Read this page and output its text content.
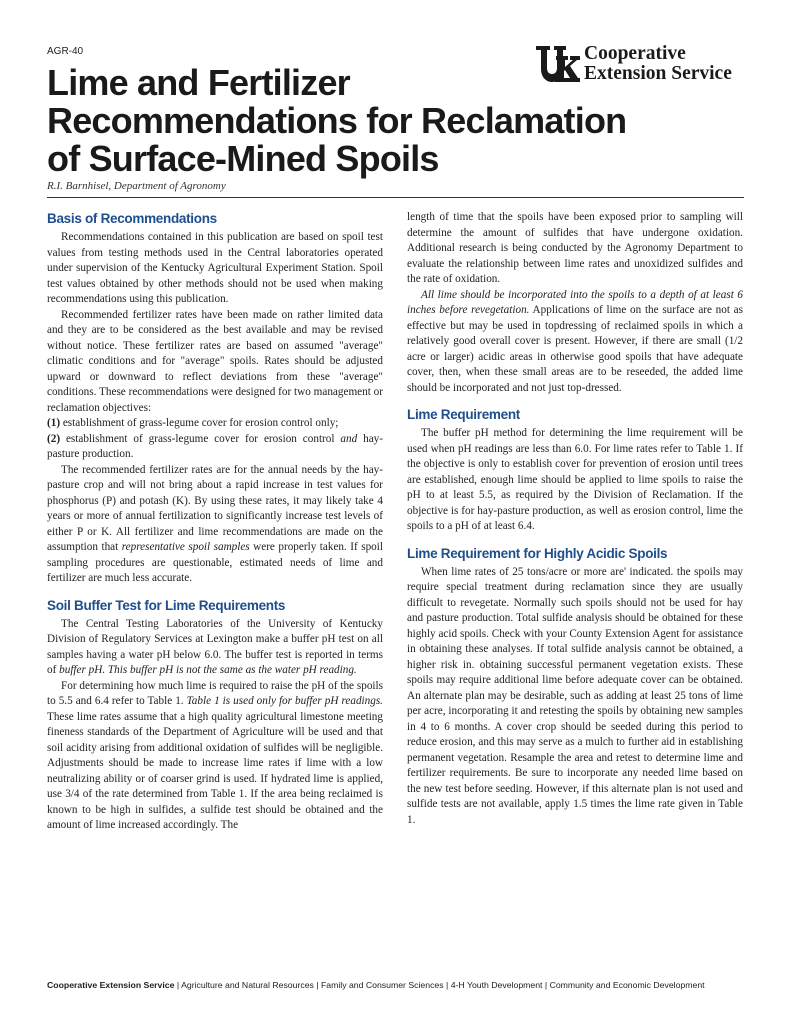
AGR-40	Cooperative
Extension Service
Lime and Fertilizer
Recommendations for Reclamation
of Surface-Mined Spoils
R.I. Barnhisel, Department of Agronomy
Basis of Recommendations

Recommendations contained in this publication are based on spoil test values from testing methods used in the Central laboratories operated under supervision of the Kentucky Agricultural Experiment Station. Spoil test values obtained by other methods should not be used when making recommendations using this publication.

Recommended fertilizer rates have been made on rather limited data and they are to be considered as the best available and may be revised without notice. These fertilizer rates are based on assumed "average" climatic conditions and for "average" spoils. Rates should be adjusted upward or downward to reflect deviations from these "average" conditions. These recommendations were designed for two management or reclamation objectives:
(1) establishment of grass-legume cover for erosion control only;
(2) establishment of grass-legume cover for erosion control and hay-pasture production.

The recommended fertilizer rates are for the annual needs by the hay-pasture crop and will not bring about a rapid increase in test values for phosphorus (P) and potash (K). By using these rates, it may likely take 4 years or more of annual fertilization to significantly increase test levels of either P or K. All fertilizer and lime recommendations are made on the assumption that representative spoil samples were properly taken. If spoil sampling procedures are questionable, estimated needs of lime and fertilizer are much less accurate.

Soil Buffer Test for Lime Requirements

The Central Testing Laboratories of the University of Kentucky Division of Regulatory Services at Lexington make a buffer pH test on all samples having a water pH below 6.0. The buffer test is reported in terms of buffer pH. This buffer pH is not the same as the water pH reading.

For determining how much lime is required to raise the pH of the spoils to 5.5 and 6.4 refer to Table 1. Table 1 is used only for buffer pH readings. These lime rates assume that a high quality agricultural limestone meeting fineness standards of the Department of Agriculture will be used and that soil acidity arising from additional oxidation of sulfides will be negligible. Adjustments should be made to increase lime rates if lime with a low neutralizing ability or of coarser grind is used. If hydrated lime is applied, use 3/4 of the rate determined from Table 1. If the area being reclaimed is known to be high in sulfides, a sulfide test should be obtained and the amount of lime increased accordingly. The

length of time that the spoils have been exposed prior to sampling will determine the amount of sulfides that have undergone oxidation. Additional research is being conducted by the Agronomy Department to evaluate the relationship between lime rates and unoxidized sulfides and the rate of oxidation.

All lime should be incorporated into the spoils to a depth of at least 6 inches before revegetation. Applications of lime on the surface are not as effective but may be used in topdressing of reclaimed spoils in which a relatively good overall cover is present. However, if there are small (1/2 acre or larger) acidic areas in otherwise good spoils that have adequate cover, then, when these small areas are to be reseeded, the added lime should be incorporated and not just top-dressed.

Lime Requirement

The buffer pH method for determining the lime requirement will be used when pH readings are less than 6.0. For lime rates refer to Table 1. If the objective is only to establish cover for prevention of erosion until trees are established, enough lime should be applied to lime spoils to raise the pH to at least 5.5, as required by the Division of Reclamation. If the objective is for hay-pasture production, as well as erosion control, lime the spoils to a pH of at least 6.4.

Lime Requirement for Highly Acidic Spoils

When lime rates of 25 tons/acre or more are' indicated. the spoils may require special treatment during reclamation since they are usually difficult to revegetate. Normally such spoils should not be used for hay and pasture production. Total sulfide analysis should be obtained for these highly acid spoils. Check with your County Extension Agent for assistance in obtaining these analyses. If total sulfide analysis cannot be obtained, a higher risk in. obtaining successful permanent vegetation exists. These spoils may require additional lime before adequate cover can be obtained. An alternate plan may be desirable, such as adding at least 25 tons of lime per acre, incorporating it and retesting the spoils by obtaining new samples in 4 to 6 months. A cover crop should be seeded during this period to reduce erosion, and this may serve as a mulch to further aid in establishing permanent vegetation. Resample the area and retest to determine lime and fertilizer requirements. Be sure to incorporate any needed lime based on the new test before seeding. However, if this alternate plan is not used and sulfide tests are not available, apply 1.5 times the lime rate given in Table 1.

Cooperative Extension Service | Agriculture and Natural Resources | Family and Consumer Sciences | 4-H Youth Development | Community and Economic Development
